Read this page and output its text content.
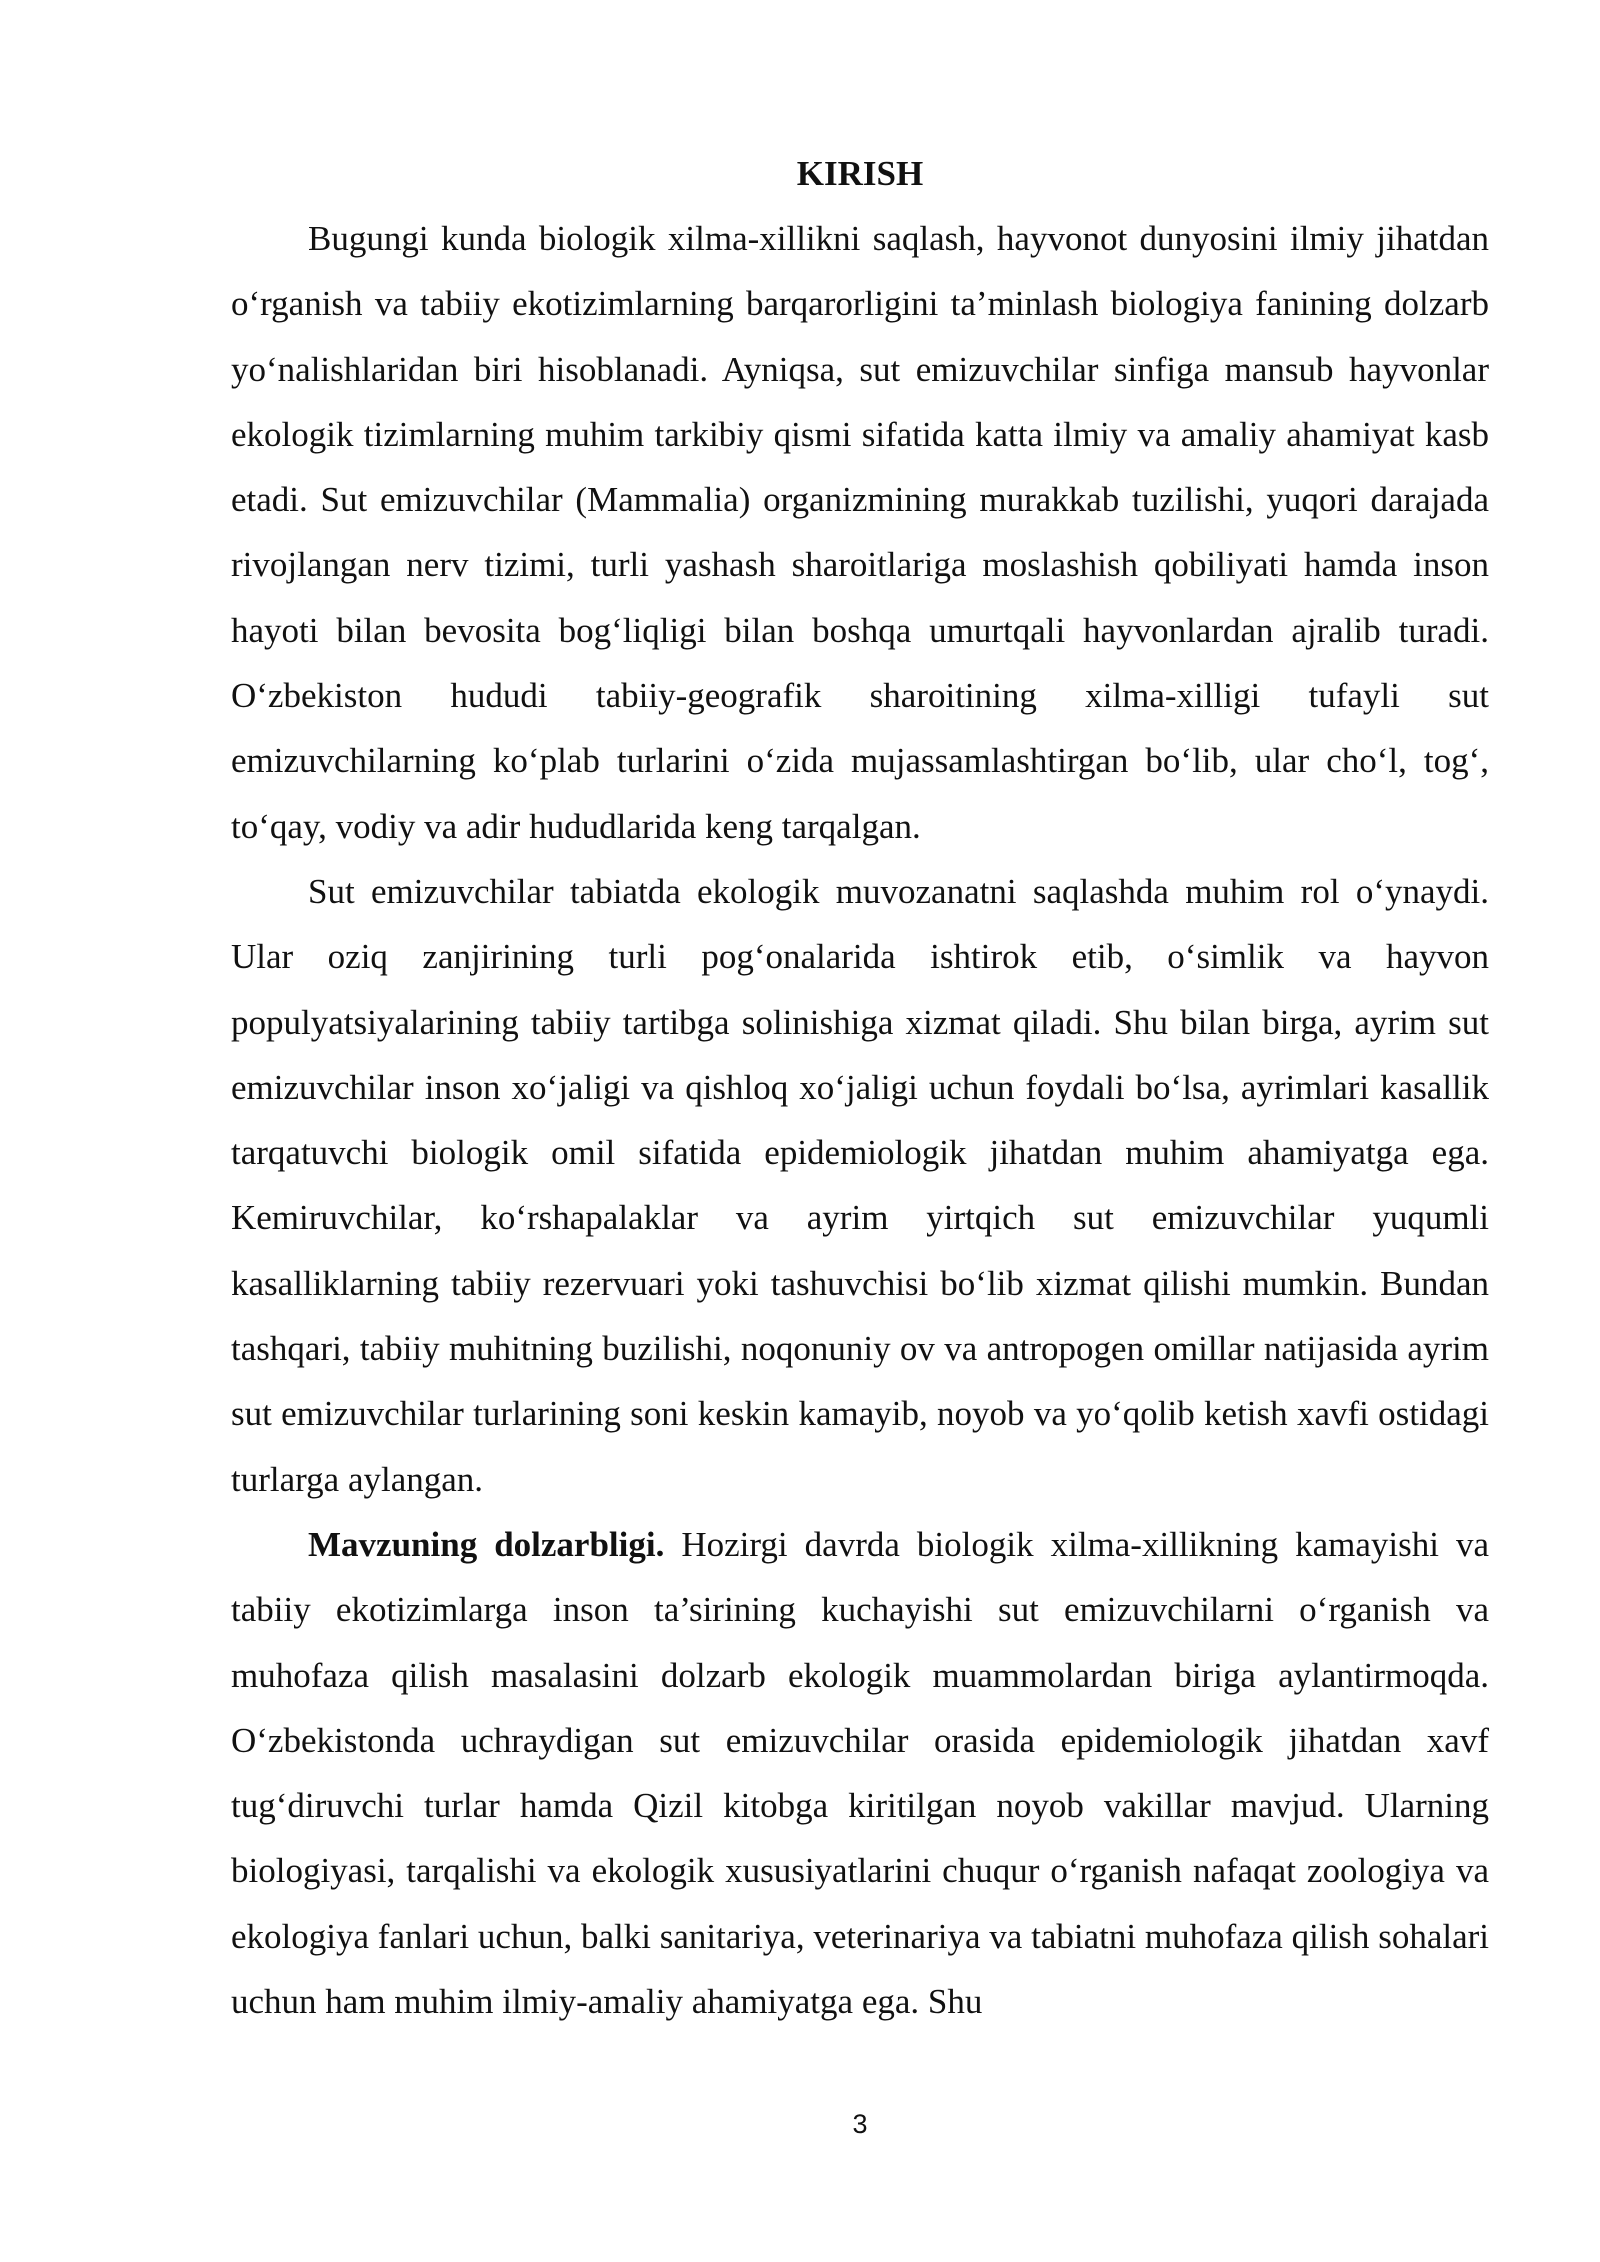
KIRISH

Bugungi kunda biologik xilma-xillikni saqlash, hayvonot dunyosini ilmiy jihatdan o‘rganish va tabiiy ekotizimlarning barqarorligini ta’minlash biologiya fanining dolzarb yo‘nalishlaridan biri hisoblanadi. Ayniqsa, sut emizuvchilar sinfiga mansub hayvonlar ekologik tizimlarning muhim tarkibiy qismi sifatida katta ilmiy va amaliy ahamiyat kasb etadi. Sut emizuvchilar (Mammalia) organizmining murakkab tuzilishi, yuqori darajada rivojlangan nerv tizimi, turli yashash sharoitlariga moslashish qobiliyati hamda inson hayoti bilan bevosita bog‘liqligi bilan boshqa umurtqali hayvonlardan ajralib turadi. O‘zbekiston hududi tabiiy-geografik sharoitining xilma-xilligi tufayli sut emizuvchilarning ko‘plab turlarini o‘zida mujassamlashtirgan bo‘lib, ular cho‘l, tog‘, to‘qay, vodiy va adir hududlarida keng tarqalgan.

Sut emizuvchilar tabiatda ekologik muvozanatni saqlashda muhim rol o‘ynaydi. Ular oziq zanjirining turli pog‘onalarida ishtirok etib, o‘simlik va hayvon populyatsiyalarining tabiiy tartibga solinishiga xizmat qiladi. Shu bilan birga, ayrim sut emizuvchilar inson xo‘jaligi va qishloq xo‘jaligi uchun foydali bo‘lsa, ayrimlari kasallik tarqatuvchi biologik omil sifatida epidemiologik jihatdan muhim ahamiyatga ega. Kemiruvchilar, ko‘rshapalaklar va ayrim yirtqich sut emizuvchilar yuqumli kasalliklarning tabiiy rezervuari yoki tashuvchisi bo‘lib xizmat qilishi mumkin. Bundan tashqari, tabiiy muhitning buzilishi, noqonuniy ov va antropogen omillar natijasida ayrim sut emizuvchilar turlarining soni keskin kamayib, noyob va yo‘qolib ketish xavfi ostidagi turlarga aylangan.

Mavzuning dolzarbligi. Hozirgi davrda biologik xilma-xillikning kamayishi va tabiiy ekotizimlarga inson ta’sirining kuchayishi sut emizuvchilarni o‘rganish va muhofaza qilish masalasini dolzarb ekologik muammolardan biriga aylantirmoqda. O‘zbekistonda uchraydigan sut emizuvchilar orasida epidemiologik jihatdan xavf tug‘diruvchi turlar hamda Qizil kitobga kiritilgan noyob vakillar mavjud. Ularning biologiyasi, tarqalishi va ekologik xususiyatlarini chuqur o‘rganish nafaqat zoologiya va ekologiya fanlari uchun, balki sanitariya, veterinariya va tabiatni muhofaza qilish sohalari uchun ham muhim ilmiy-amaliy ahamiyatga ega. Shu

3
